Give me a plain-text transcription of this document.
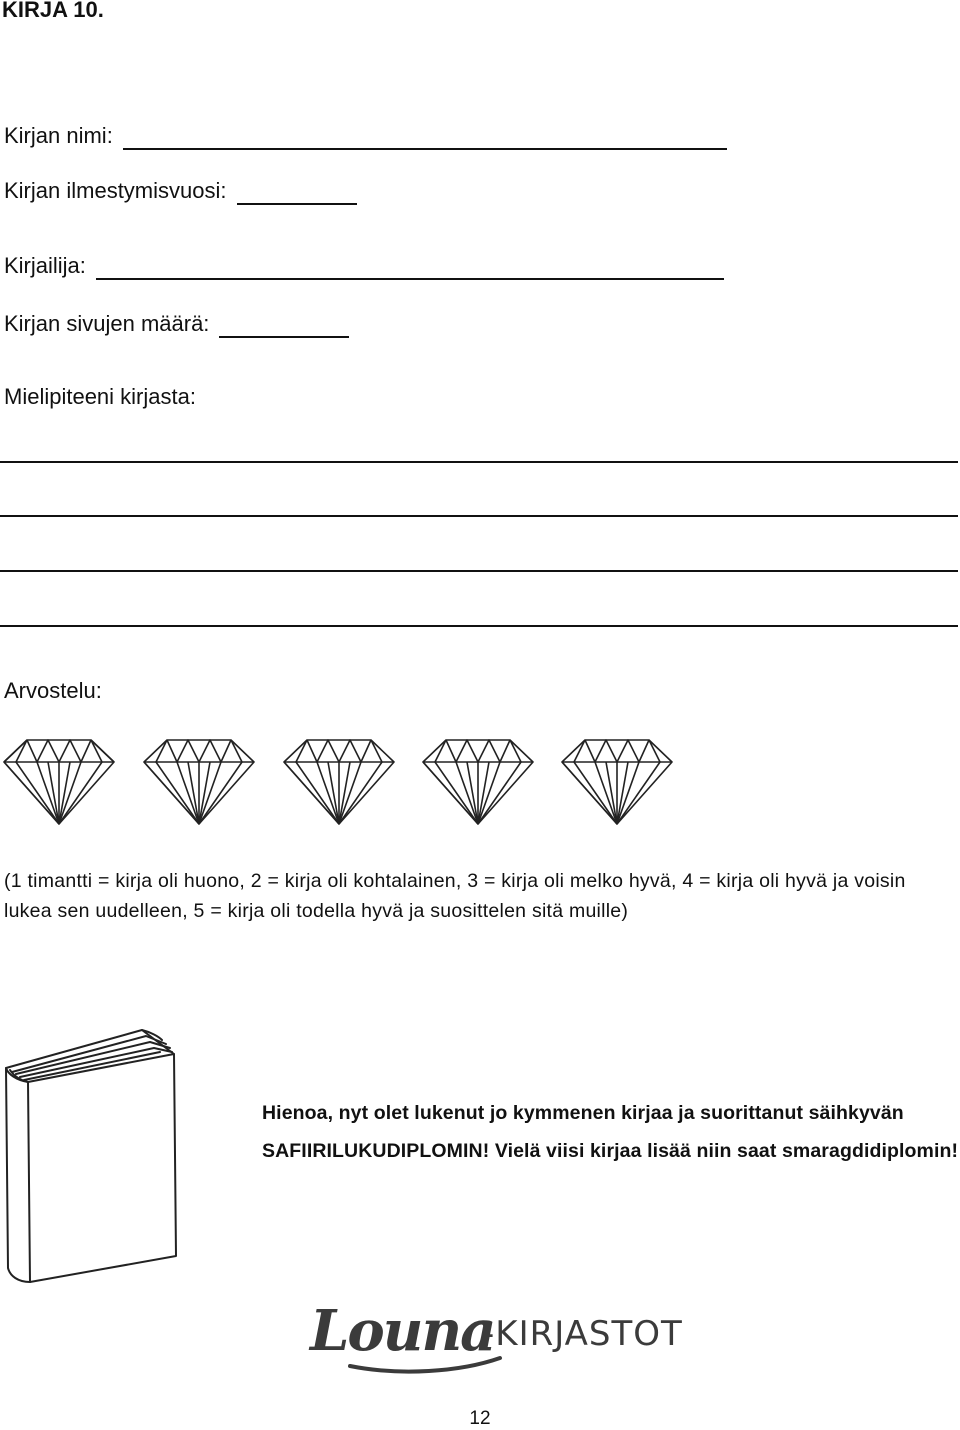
KIRJA 10.
Kirjan nimi:
Kirjan ilmestymisvuosi:
Kirjailija:
Kirjan sivujen määrä:
Mielipiteeni kirjasta:
Arvostelu:
(1 timantti = kirja oli huono, 2 = kirja oli kohtalainen, 3 = kirja oli melko hyvä, 4 = kirja oli hyvä ja voisin lukea sen uudelleen, 5 = kirja oli todella hyvä ja suosittelen sitä muille)
Hienoa, nyt olet lukenut jo kymmenen kirjaa ja suorittanut säihkyvän SAFIIRILUKUDIPLOMIN! Vielä viisi kirjaa lisää niin saat smaragdidiplomin!
Louna
-KIRJASTOT
12
